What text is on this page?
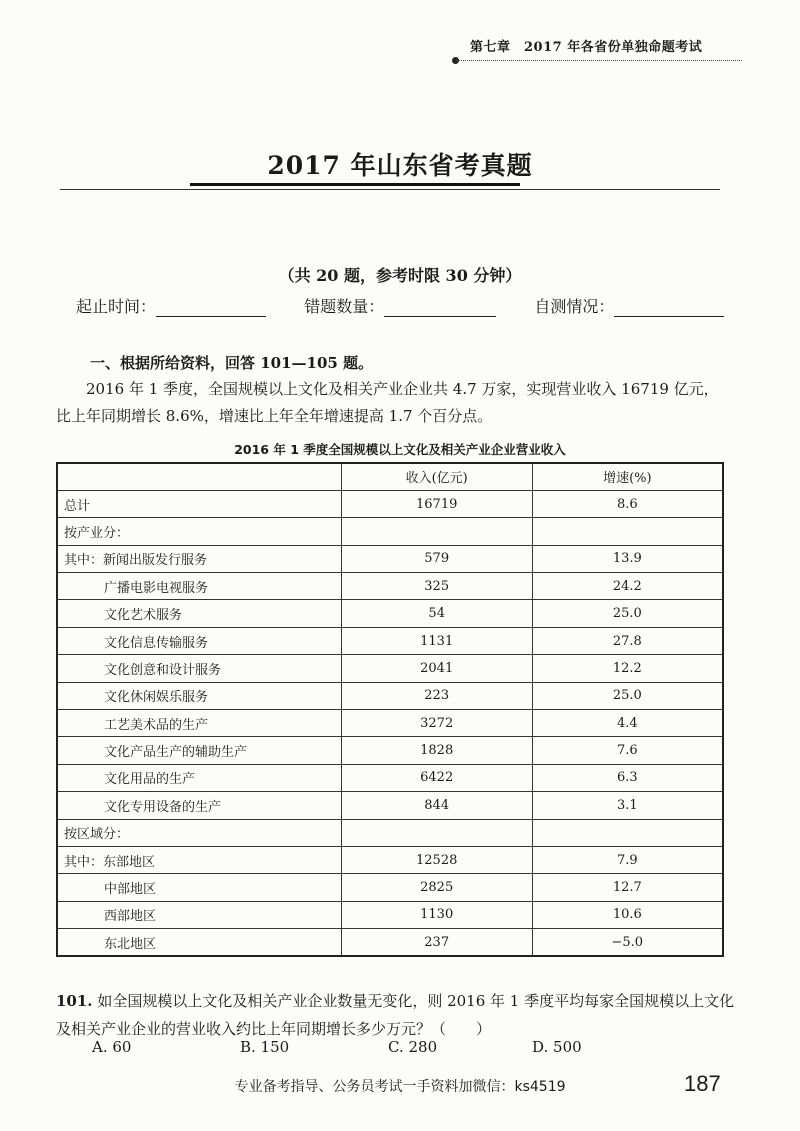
第七章　2017 年各省份单独命题考试
2017 年山东省考真题
（共 20 题，参考时限 30 分钟）
起止时间：	错题数量：	自测情况：
一、根据所给资料，回答 101—105 题。
2016 年 1 季度，全国规模以上文化及相关产业企业共 4.7 万家，实现营业收入 16719 亿元，比上年同期增长 8.6%，增速比上年全年增速提高 1.7 个百分点。
2016 年 1 季度全国规模以上文化及相关产业企业营业收入
	收入(亿元)	增速(%)
总计	16719	8.6
按产业分：		
其中：新闻出版发行服务	579	13.9
广播电影电视服务	325	24.2
文化艺术服务	54	25.0
文化信息传输服务	1131	27.8
文化创意和设计服务	2041	12.2
文化休闲娱乐服务	223	25.0
工艺美术品的生产	3272	4.4
文化产品生产的辅助生产	1828	7.6
文化用品的生产	6422	6.3
文化专用设备的生产	844	3.1
按区域分：		
其中：东部地区	12528	7.9
中部地区	2825	12.7
西部地区	1130	10.6
东北地区	237	−5.0
101. 如全国规模以上文化及相关产业企业数量无变化，则 2016 年 1 季度平均每家全国规模以上文化及相关产业企业的营业收入约比上年同期增长多少万元？（　　）
A. 60	B. 150	C. 280	D. 500
专业备考指导、公务员考试一手资料加微信：ks4519	187
